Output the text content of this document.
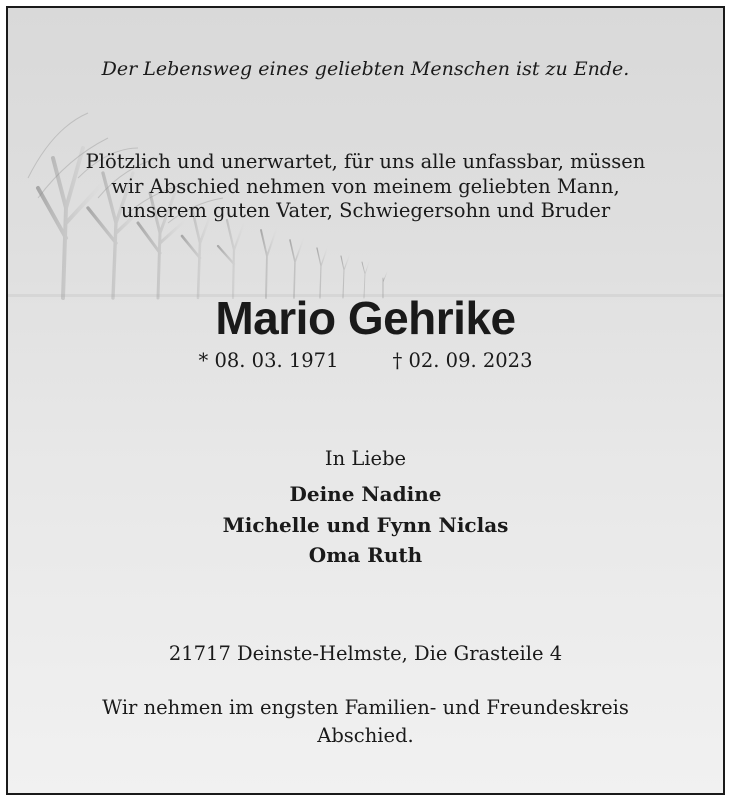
Der Lebensweg eines geliebten Menschen ist zu Ende.
Plötzlich und unerwartet, für uns alle unfassbar, müssen
wir Abschied nehmen von meinem geliebten Mann,
unserem guten Vater, Schwiegersohn und Bruder
Mario Gehrike
* 08. 03. 1971	† 02. 09. 2023
In Liebe
Deine Nadine
Michelle und Fynn Niclas
Oma Ruth
21717 Deinste-Helmste, Die Grasteile 4
Wir nehmen im engsten Familien- und Freundeskreis
Abschied.
